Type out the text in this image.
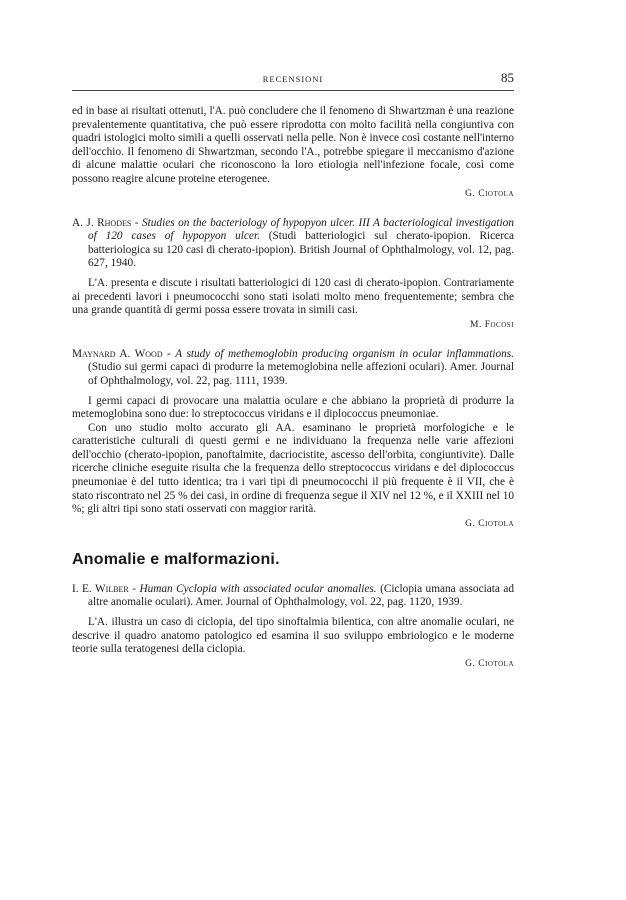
RECENSIONI	85

ed in base ai risultati ottenuti, l'A. può concludere che il fenomeno di Shwartzman è una reazione prevalentemente quantitativa, che può essere riprodotta con molto facilità nella congiuntiva con quadri istologici molto simili a quelli osservati nella pelle. Non è invece così costante nell'interno dell'occhio. Il fenomeno di Shwartzman, secondo l'A., potrebbe spiegare il meccanismo d'azione di alcune malattie oculari che riconoscono la loro etiologia nell'infezione focale, così come possono reagire alcune proteine eterogenee.

G. Ciotola

A. J. Rhodes - Studies on the bacteriology of hypopyon ulcer. III A bacteriological investigation of 120 cases of hypopyon ulcer. (Studi batteriologici sul cherato-ipopion. Ricerca batteriologica su 120 casi di cherato-ipopion). British Journal of Ophthalmology, vol. 12, pag. 627, 1940.

L'A. presenta e discute i risultati batteriologici di 120 casi di cherato-ipopion. Contrariamente ai precedenti lavori i pneumococchi sono stati isolati molto meno frequentemente; sembra che una grande quantità di germi possa essere trovata in simili casi.

M. Focosi

Maynard A. Wood - A study of methemoglobin producing organism in ocular inflammations. (Studio sui germi capaci di produrre la metemoglobina nelle affezioni oculari). Amer. Journal of Ophthalmology, vol. 22, pag. 1111, 1939.

I germi capaci di provocare una malattia oculare e che abbiano la proprietà di produrre la metemoglobina sono due: lo streptococcus viridans e il diplococcus pneumoniae.

Con uno studio molto accurato gli AA. esaminano le proprietà morfologiche e le caratteristiche culturali di questi germi e ne individuano la frequenza nelle varie affezioni dell'occhio (cherato-ipopion, panoftalmite, dacriocistite, ascesso dell'orbita, congiuntivite). Dalle ricerche cliniche eseguite risulta che la frequenza dello streptococcus viridans e del diplococcus pneumoniae è del tutto identica; tra i vari tipi di pneumococchi il più frequente è il VII, che è stato riscontrato nel 25 % dei casi, in ordine di frequenza segue il XIV nel 12 %, e il XXIII nel 10 %; gli altri tipi sono stati osservati con maggior rarità.

G. Ciotola
Anomalie e malformazioni.

I. E. Wilber - Human Cyclopia with associated ocular anomalies. (Ciclopia umana associata ad altre anomalie oculari). Amer. Journal of Ophthalmology, vol. 22, pag. 1120, 1939.

L'A. illustra un caso di ciclopia, del tipo sinoftalmia bilentica, con altre anomalie oculari, ne descrive il quadro anatomo patologico ed esamina il suo sviluppo embriologico e le moderne teorie sulla teratogenesi della ciclopia.

G. Ciotola
